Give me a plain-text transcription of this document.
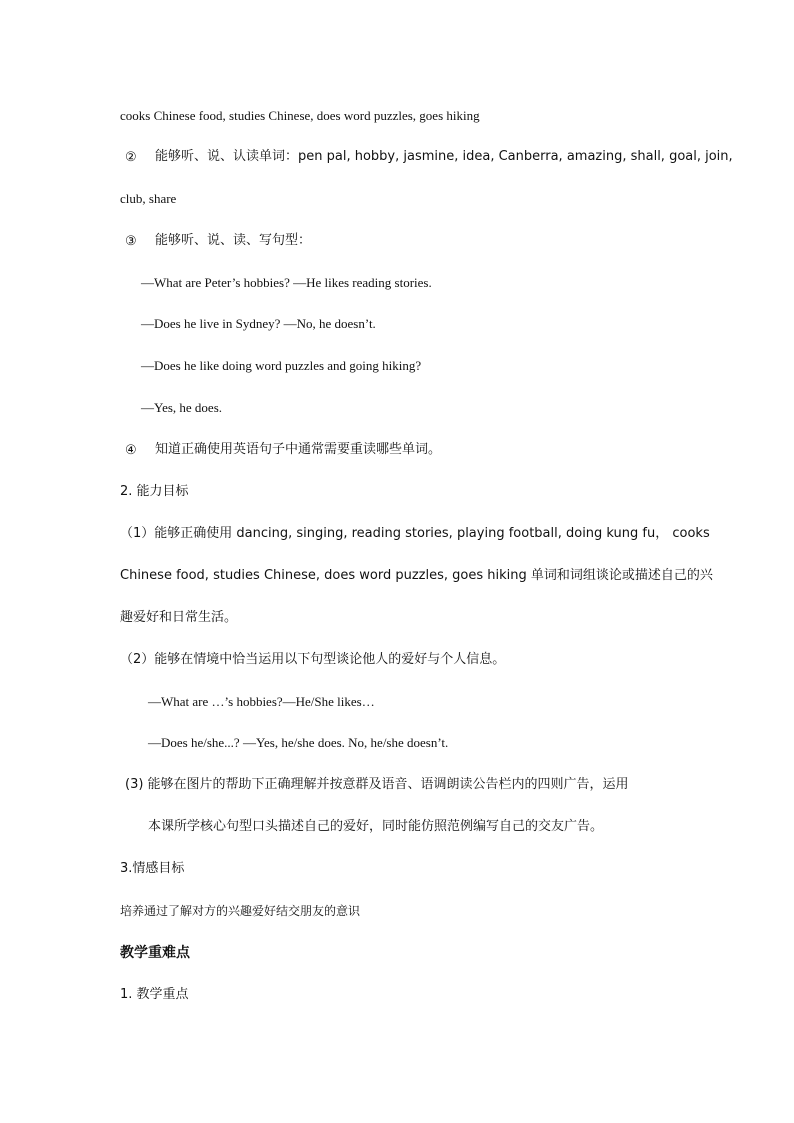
cooks Chinese food, studies Chinese, does word puzzles, goes hiking
② 能够听、说、认读单词：pen pal, hobby, jasmine, idea, Canberra, amazing, shall, goal, join,
club, share
③ 能够听、说、读、写句型：
—What are Peter’s hobbies? —He likes reading stories.
—Does he live in Sydney? —No, he doesn’t.
—Does he like doing word puzzles and going hiking?
—Yes, he does.
④ 知道正确使用英语句子中通常需要重读哪些单词。
2. 能力目标
（1）能够正确使用 dancing, singing, reading stories, playing football, doing kung fu， cooks
Chinese food, studies Chinese, does word puzzles, goes hiking 单词和词组谈论或描述自己的兴
趣爱好和日常生活。
（2）能够在情境中恰当运用以下句型谈论他人的爱好与个人信息。
—What are …’s hobbies?—He/She likes…
—Does he/she...? —Yes, he/she does. No, he/she doesn’t.
(3) 能够在图片的帮助下正确理解并按意群及语音、语调朗读公告栏内的四则广告，运用
本课所学核心句型口头描述自己的爱好，同时能仿照范例编写自己的交友广告。
3.情感目标
培养通过了解对方的兴趣爱好结交朋友的意识
教学重难点
1. 教学重点
